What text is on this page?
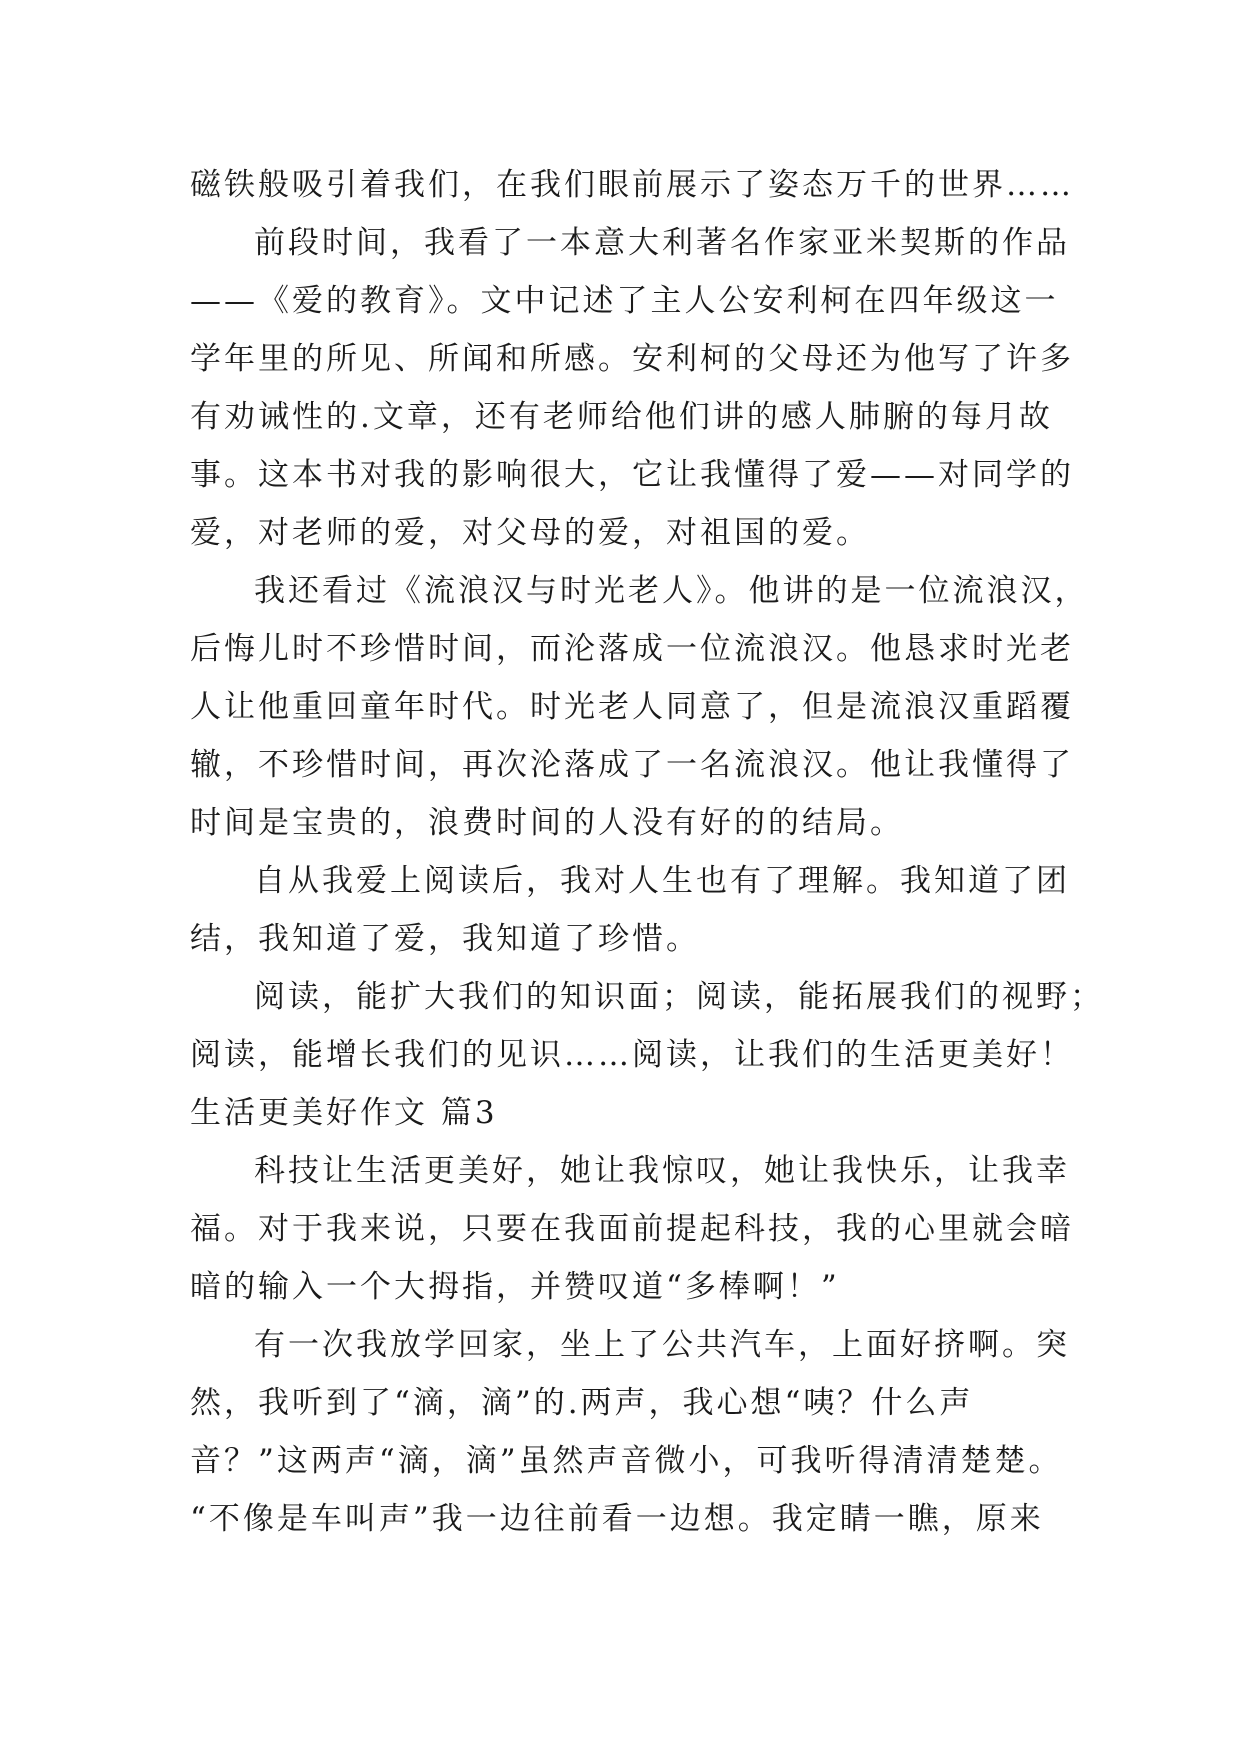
磁铁般吸引着我们，在我们眼前展示了姿态万千的世界……
前段时间，我看了一本意大利著名作家亚米契斯的作品
——《爱的教育》。文中记述了主人公安利柯在四年级这一
学年里的所见、所闻和所感。安利柯的父母还为他写了许多
有劝诫性的.文章，还有老师给他们讲的感人肺腑的每月故
事。这本书对我的影响很大，它让我懂得了爱——对同学的
爱，对老师的爱，对父母的爱，对祖国的爱。
我还看过《流浪汉与时光老人》。他讲的是一位流浪汉，
后悔儿时不珍惜时间，而沦落成一位流浪汉。他恳求时光老
人让他重回童年时代。时光老人同意了，但是流浪汉重蹈覆
辙，不珍惜时间，再次沦落成了一名流浪汉。他让我懂得了
时间是宝贵的，浪费时间的人没有好的的结局。
自从我爱上阅读后，我对人生也有了理解。我知道了团
结，我知道了爱，我知道了珍惜。
阅读，能扩大我们的知识面；阅读，能拓展我们的视野；
阅读，能增长我们的见识……阅读，让我们的生活更美好！
生活更美好作文 篇3
科技让生活更美好，她让我惊叹，她让我快乐，让我幸
福。对于我来说，只要在我面前提起科技，我的心里就会暗
暗的输入一个大拇指，并赞叹道“多棒啊！”
有一次我放学回家，坐上了公共汽车，上面好挤啊。突
然，我听到了“滴，滴”的.两声，我心想“咦？什么声
音？”这两声“滴，滴”虽然声音微小，可我听得清清楚楚。
“不像是车叫声”我一边往前看一边想。我定睛一瞧，原来
